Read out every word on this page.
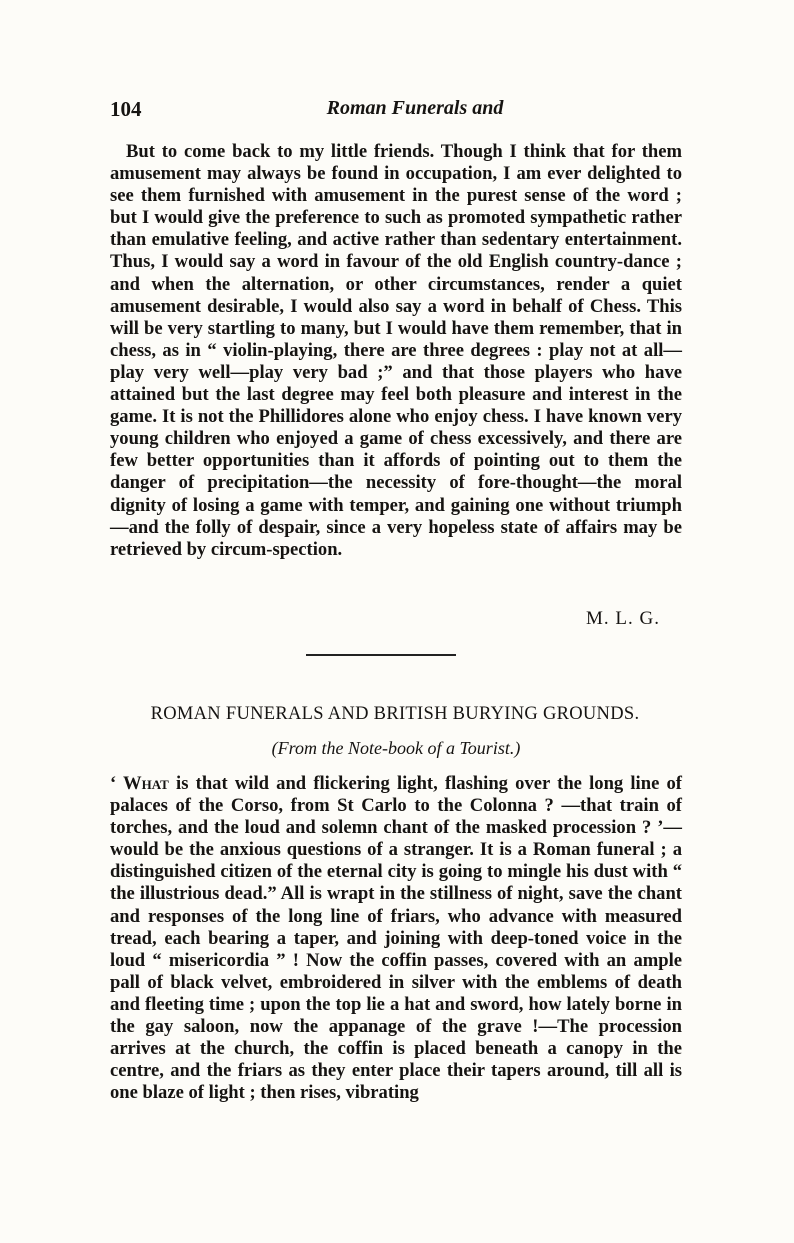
104	Roman Funerals and

But to come back to my little friends. Though I think that for them amusement may always be found in occupation, I am ever delighted to see them furnished with amusement in the purest sense of the word ; but I would give the preference to such as promoted sympathetic rather than emulative feeling, and active rather than sedentary entertainment. Thus, I would say a word in favour of the old English country-dance ; and when the alternation, or other circumstances, render a quiet amusement desirable, I would also say a word in behalf of Chess. This will be very startling to many, but I would have them remember, that in chess, as in “ violin-playing, there are three degrees : play not at all—play very well—play very bad ;” and that those players who have attained but the last degree may feel both pleasure and interest in the game. It is not the Phillidores alone who enjoy chess. I have known very young children who enjoyed a game of chess excessively, and there are few better opportunities than it affords of pointing out to them the danger of precipitation—the necessity of fore-thought—the moral dignity of losing a game with temper, and gaining one without triumph—and the folly of despair, since a very hopeless state of affairs may be retrieved by circum-spection.

M. L. G.
ROMAN FUNERALS AND BRITISH BURYING GROUNDS.
(From the Note-book of a Tourist.)

‘ What is that wild and flickering light, flashing over the long line of palaces of the Corso, from St Carlo to the Colonna ? —that train of torches, and the loud and solemn chant of the masked procession ? ’—would be the anxious questions of a stranger. It is a Roman funeral ; a distinguished citizen of the eternal city is going to mingle his dust with “ the illustrious dead.” All is wrapt in the stillness of night, save the chant and responses of the long line of friars, who advance with measured tread, each bearing a taper, and joining with deep-toned voice in the loud “ misericordia ” ! Now the coffin passes, covered with an ample pall of black velvet, embroidered in silver with the emblems of death and fleeting time ; upon the top lie a hat and sword, how lately borne in the gay saloon, now the appanage of the grave !—The procession arrives at the church, the coffin is placed beneath a canopy in the centre, and the friars as they enter place their tapers around, till all is one blaze of light ; then rises, vibrating
